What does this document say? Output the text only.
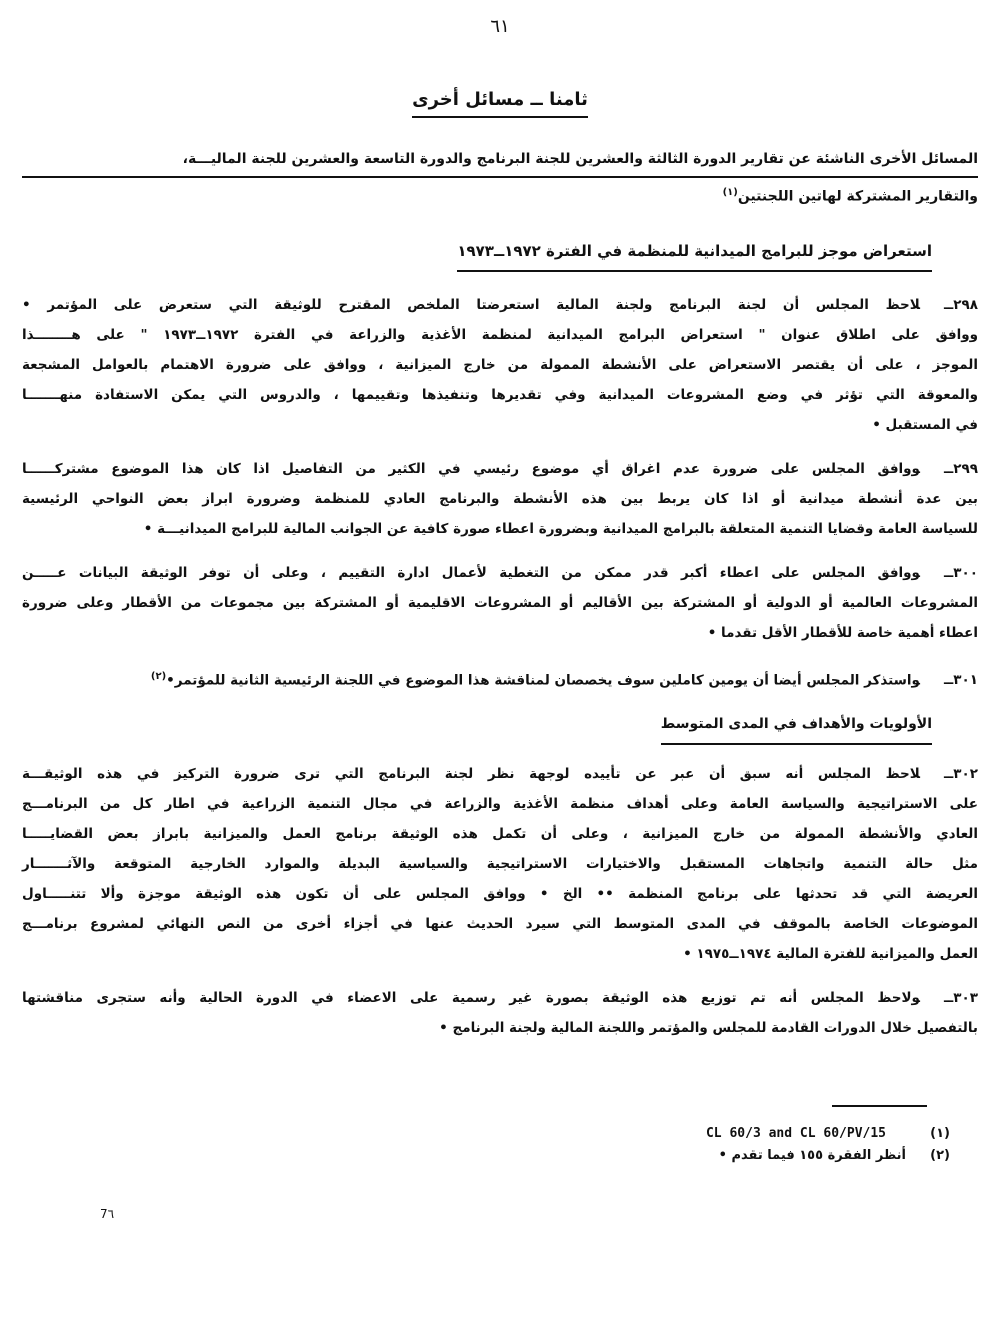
٦١
ثامنا ــ مسائل أخرى
المسائل الأخرى الناشئة عن تقارير الدورة الثالثة والعشرين للجنة البرنامج والدورة التاسعة والعشرين للجنة الماليـــة،
والتقارير المشتركة لهاتين اللجنتين$^{(١)}$
استعراض موجز للبرامج الميدانية للمنظمة في الفترة ١٩٧٢ــ١٩٧٣
٢٩٨ــلاحظ المجلس أن لجنة البرنامج ولجنة المالية استعرضتا الملخص المقترح للوثيقة التي ستعرض على المؤتمر •
ووافق على اطلاق عنوان " استعراض البرامج الميدانية لمنظمة الأغذية والزراعة في الفترة ١٩٧٢ــ١٩٧٣ " على هــــــــذا
الموجز ، على أن يقتصر الاستعراض على الأنشطة الممولة من خارج الميزانية ، ووافق على ضرورة الاهتمام بالعوامل المشجعة
والمعوقة التي تؤثر في وضع المشروعات الميدانية وفي تقديرها وتنفيذها وتقييمها ، والدروس التي يمكن الاستفادة منهـــــــا
في المستقبل •
٢٩٩ــووافق المجلس على ضرورة عدم اغراق أي موضوع رئيسي في الكثير من التفاصيل اذا كان هذا الموضوع مشتركــــــا
بين عدة أنشطة ميدانية أو اذا كان يربط بين هذه الأنشطة والبرنامج العادي للمنظمة وضرورة ابراز بعض النواحي الرئيسية
للسياسة العامة وقضايا التنمية المتعلقة بالبرامج الميدانية وبضرورة اعطاء صورة كافية عن الجوانب المالية للبرامج الميدانيـــة •
٣٠٠ــووافق المجلس على اعطاء أكبر قدر ممكن من التغطية لأعمال ادارة التقييم ، وعلى أن توفر الوثيقة البيانات عـــــن
المشروعات العالمية أو الدولية أو المشتركة بين الأقاليم أو المشروعات الاقليمية أو المشتركة بين مجموعات من الأقطار وعلى ضرورة
اعطاء أهمية خاصة للأقطار الأقل تقدما •
٣٠١ــواستذكر المجلس أيضا أن يومين كاملين سوف يخصصان لمناقشة هذا الموضوع في اللجنة الرئيسية الثانية للمؤتمر•$^{(٢)}$
الأولويات والأهداف في المدى المتوسط
٣٠٢ــلاحظ المجلس أنه سبق أن عبر عن تأييده لوجهة نظر لجنة البرنامج التي ترى ضرورة التركيز في هذه الوثيقـــة
على الاستراتيجية والسياسة العامة وعلى أهداف منظمة الأغذية والزراعة في مجال التنمية الزراعية في اطار كل من البرنامـــج
العادي والأنشطة الممولة من خارج الميزانية ، وعلى أن تكمل هذه الوثيقة برنامج العمل والميزانية بابراز بعض القضايـــــا
مثل حالة التنمية واتجاهات المستقبل والاختيارات الاستراتيجية والسياسية البديلة والموارد الخارجية المتوقعة والآثـــــــار
العريضة التي قد تحدثها على برنامج المنظمة •• الخ • ووافق المجلس على أن تكون هذه الوثيقة موجزة وألا تتنـــــاول
الموضوعات الخاصة بالموقف في المدى المتوسط التي سيرد الحديث عنها في أجزاء أخرى من النص النهائي لمشروع برنامـــج
العمل والميزانية للفترة المالية ١٩٧٤ــ١٩٧٥ •
٣٠٣ــولاحظ المجلس أنه تم توزيع هذه الوثيقة بصورة غير رسمية على الاعضاء في الدورة الحالية وأنه ستجرى مناقشتها
بالتفصيل خلال الدورات القادمة للمجلس والمؤتمر واللجنة المالية ولجنة البرنامج •
CL 60/3 and CL 60/PV/15	(١)
أنظر الفقرة ١٥٥ فيما تقدم •	(٢)
7٦
